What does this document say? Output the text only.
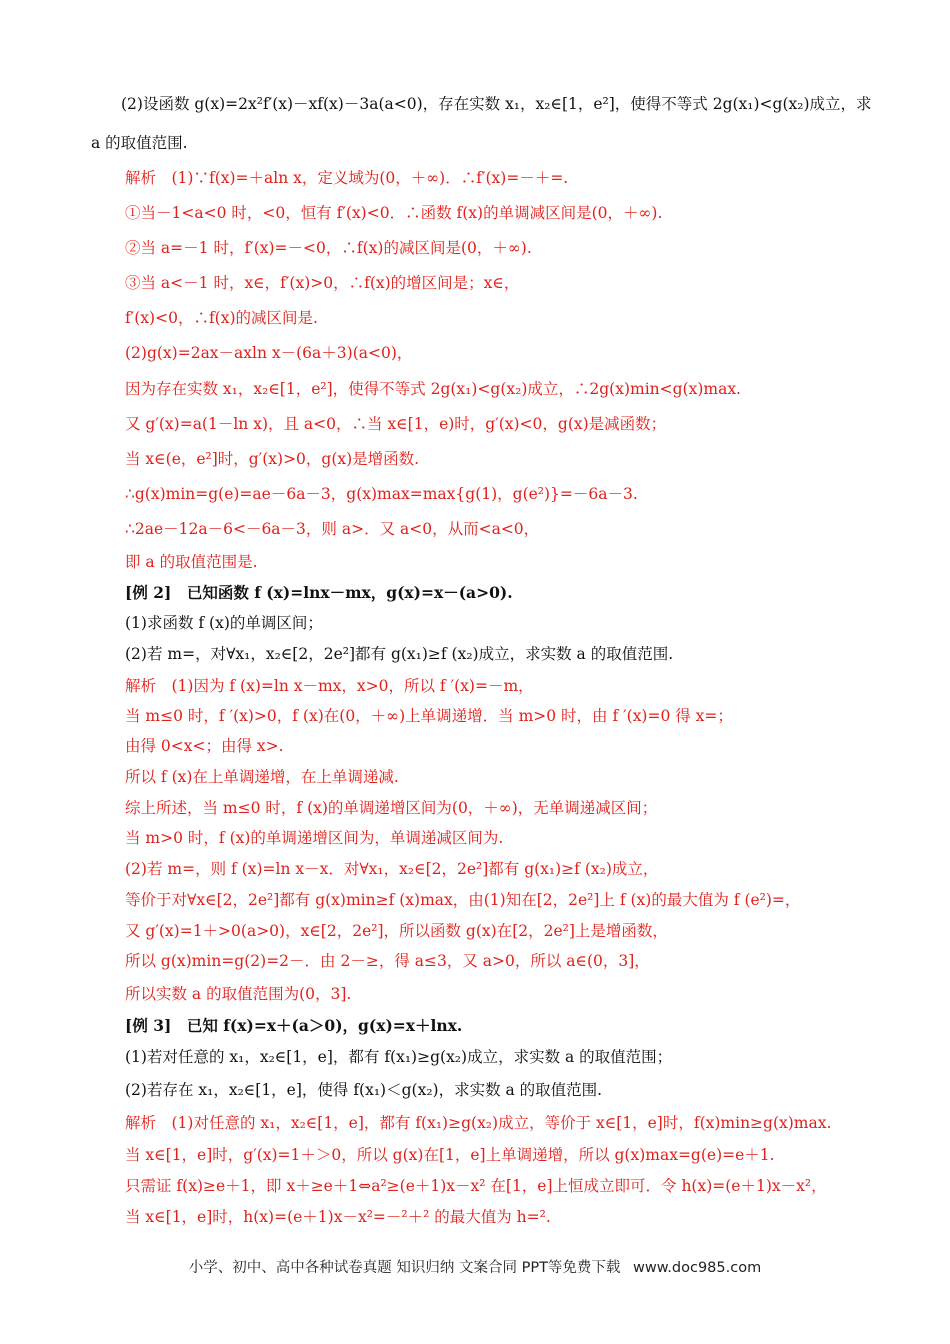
(2)设函数 g(x)=2x²f′(x)－xf(x)－3a(a<0)，存在实数 x₁，x₂∈[1，e²]，使得不等式 2g(x₁)<g(x₂)成立，求
a 的取值范围.
解析　(1)∵f(x)=＋aln x，定义域为(0，＋∞)．∴f′(x)=－＋=.
①当－1<a<0 时，<0，恒有 f′(x)<0．∴函数 f(x)的单调减区间是(0，＋∞).
②当 a=－1 时，f′(x)=－<0，∴f(x)的减区间是(0，＋∞).
③当 a<－1 时，x∈，f′(x)>0，∴f(x)的增区间是；x∈，
f′(x)<0，∴f(x)的减区间是.
(2)g(x)=2ax－axln x－(6a＋3)(a<0)，
因为存在实数 x₁，x₂∈[1，e²]，使得不等式 2g(x₁)<g(x₂)成立，∴2g(x)min<g(x)max.
又 g′(x)=a(1－ln x)，且 a<0，∴当 x∈[1，e)时，g′(x)<0，g(x)是减函数；
当 x∈(e，e²]时，g′(x)>0，g(x)是增函数.
∴g(x)min=g(e)=ae－6a－3，g(x)max=max{g(1)，g(e²)}=－6a－3.
∴2ae－12a－6<－6a－3，则 a>．又 a<0，从而<a<0，
即 a 的取值范围是.
[例 2]　已知函数 f (x)=lnx－mx，g(x)=x－(a>0).
(1)求函数 f (x)的单调区间；
(2)若 m=，对∀x₁，x₂∈[2，2e²]都有 g(x₁)≥f (x₂)成立，求实数 a 的取值范围.
解析　(1)因为 f (x)=ln x－mx，x>0，所以 f ′(x)=－m，
当 m≤0 时，f ′(x)>0，f (x)在(0，＋∞)上单调递增．当 m>0 时，由 f ′(x)=0 得 x=；
由得 0<x<；由得 x>.
所以 f (x)在上单调递增，在上单调递减.
综上所述，当 m≤0 时，f (x)的单调递增区间为(0，＋∞)，无单调递减区间；
当 m>0 时，f (x)的单调递增区间为，单调递减区间为.
(2)若 m=，则 f (x)=ln x－x．对∀x₁，x₂∈[2，2e²]都有 g(x₁)≥f (x₂)成立，
等价于对∀x∈[2，2e²]都有 g(x)min≥f (x)max，由(1)知在[2，2e²]上 f (x)的最大值为 f (e²)=，
又 g′(x)=1＋>0(a>0)，x∈[2，2e²]，所以函数 g(x)在[2，2e²]上是增函数，
所以 g(x)min=g(2)=2－．由 2－≥，得 a≤3，又 a>0，所以 a∈(0，3]，
所以实数 a 的取值范围为(0，3].
[例 3]　已知 f(x)=x＋(a＞0)，g(x)=x＋lnx.
(1)若对任意的 x₁，x₂∈[1，e]，都有 f(x₁)≥g(x₂)成立，求实数 a 的取值范围；
(2)若存在 x₁，x₂∈[1，e]，使得 f(x₁)＜g(x₂)，求实数 a 的取值范围.
解析　(1)对任意的 x₁，x₂∈[1，e]，都有 f(x₁)≥g(x₂)成立，等价于 x∈[1，e]时，f(x)min≥g(x)max.
当 x∈[1，e]时，g′(x)=1＋＞0，所以 g(x)在[1，e]上单调递增，所以 g(x)max=g(e)=e＋1.
只需证 f(x)≥e＋1，即 x＋≥e＋1⇔a²≥(e＋1)x－x² 在[1，e]上恒成立即可．令 h(x)=(e＋1)x－x²，
当 x∈[1，e]时，h(x)=(e＋1)x－x²=－²＋² 的最大值为 h=².
小学、初中、高中各种试卷真题 知识归纳 文案合同 PPT等免费下载 www.doc985.com
